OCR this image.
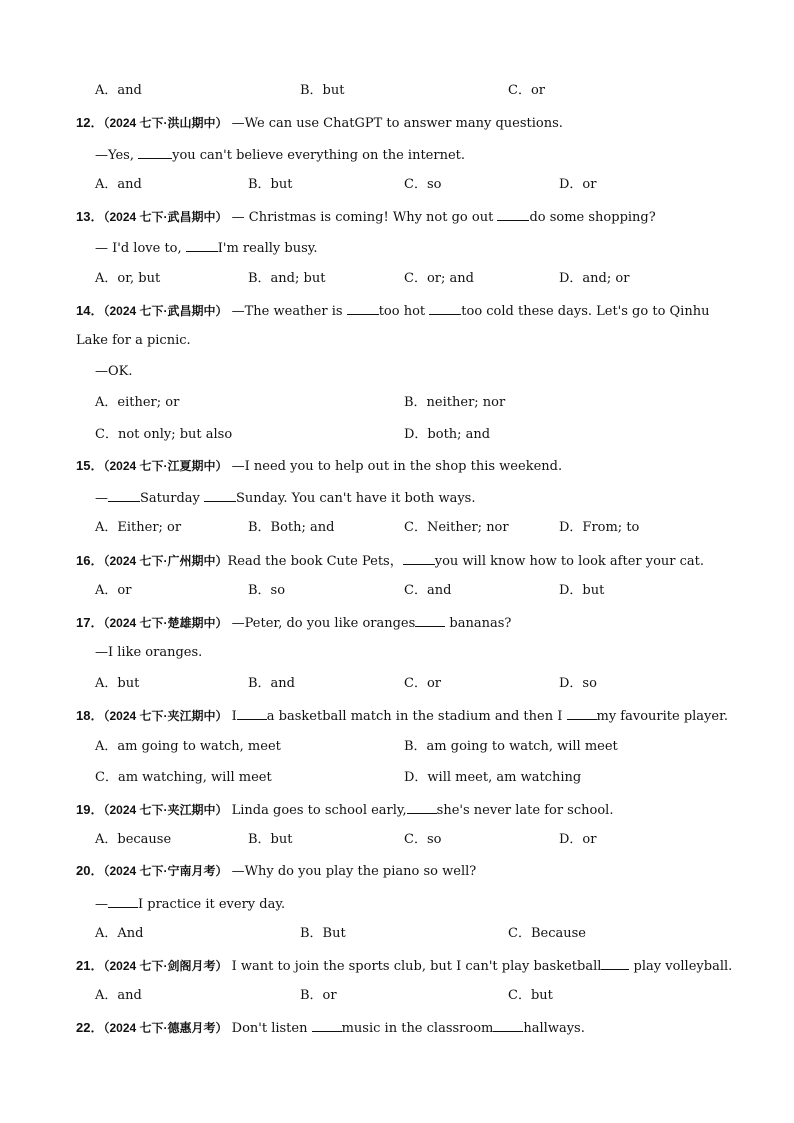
A．and	B．but	C．or
12．（2024 七下·洪山期中） —We can use ChatGPT to answer many questions.
—Yes,	you can't believe everything on the internet.
A．and	B．but	C．so	D．or
13．（2024 七下·武昌期中） — Christmas is coming! Why not go out do some shopping?
— I'd love to, I'm really busy.
A．or, but	B．and; but	C．or; and	D．and; or
14．（2024 七下·武昌期中） —The weather is too hot too cold these days. Let's go to Qinhu
Lake for a picnic.
—OK.
A．either; or	B．neither; nor
C．not only; but also	D．both; and
15．（2024 七下·江夏期中） —I need you to help out in the shop this weekend.
— Saturday Sunday. You can't have it both ways.
A．Either; or	B．Both; and	C．Neither; nor	D．From; to
16．（2024 七下·广州期中）Read the book Cute Pets， you will know how to look after your cat.
A．or	B．so	C．and	D．but
17．（2024 七下·楚雄期中） —Peter, do you like oranges bananas?
—I like oranges.
A．but	B．and	C．or	D．so
18．（2024 七下·夹江期中） I a basketball match in the stadium and then I my favourite player.
A．am going to watch, meet	B．am going to watch, will meet
C．am watching, will meet	D．will meet, am watching
19．（2024 七下·夹江期中） Linda goes to school early, she's never late for school.
A．because	B．but	C．so	D．or
20．（2024 七下·宁南月考） —Why do you play the piano so well?
— I practice it every day.
A．And	B．But	C．Because
21．（2024 七下·剑阁月考） I want to join the sports club, but I can't play basketball play volleyball.
A．and	B．or	C．but
22．（2024 七下·德惠月考） Don't listen music in the classroom hallways.
